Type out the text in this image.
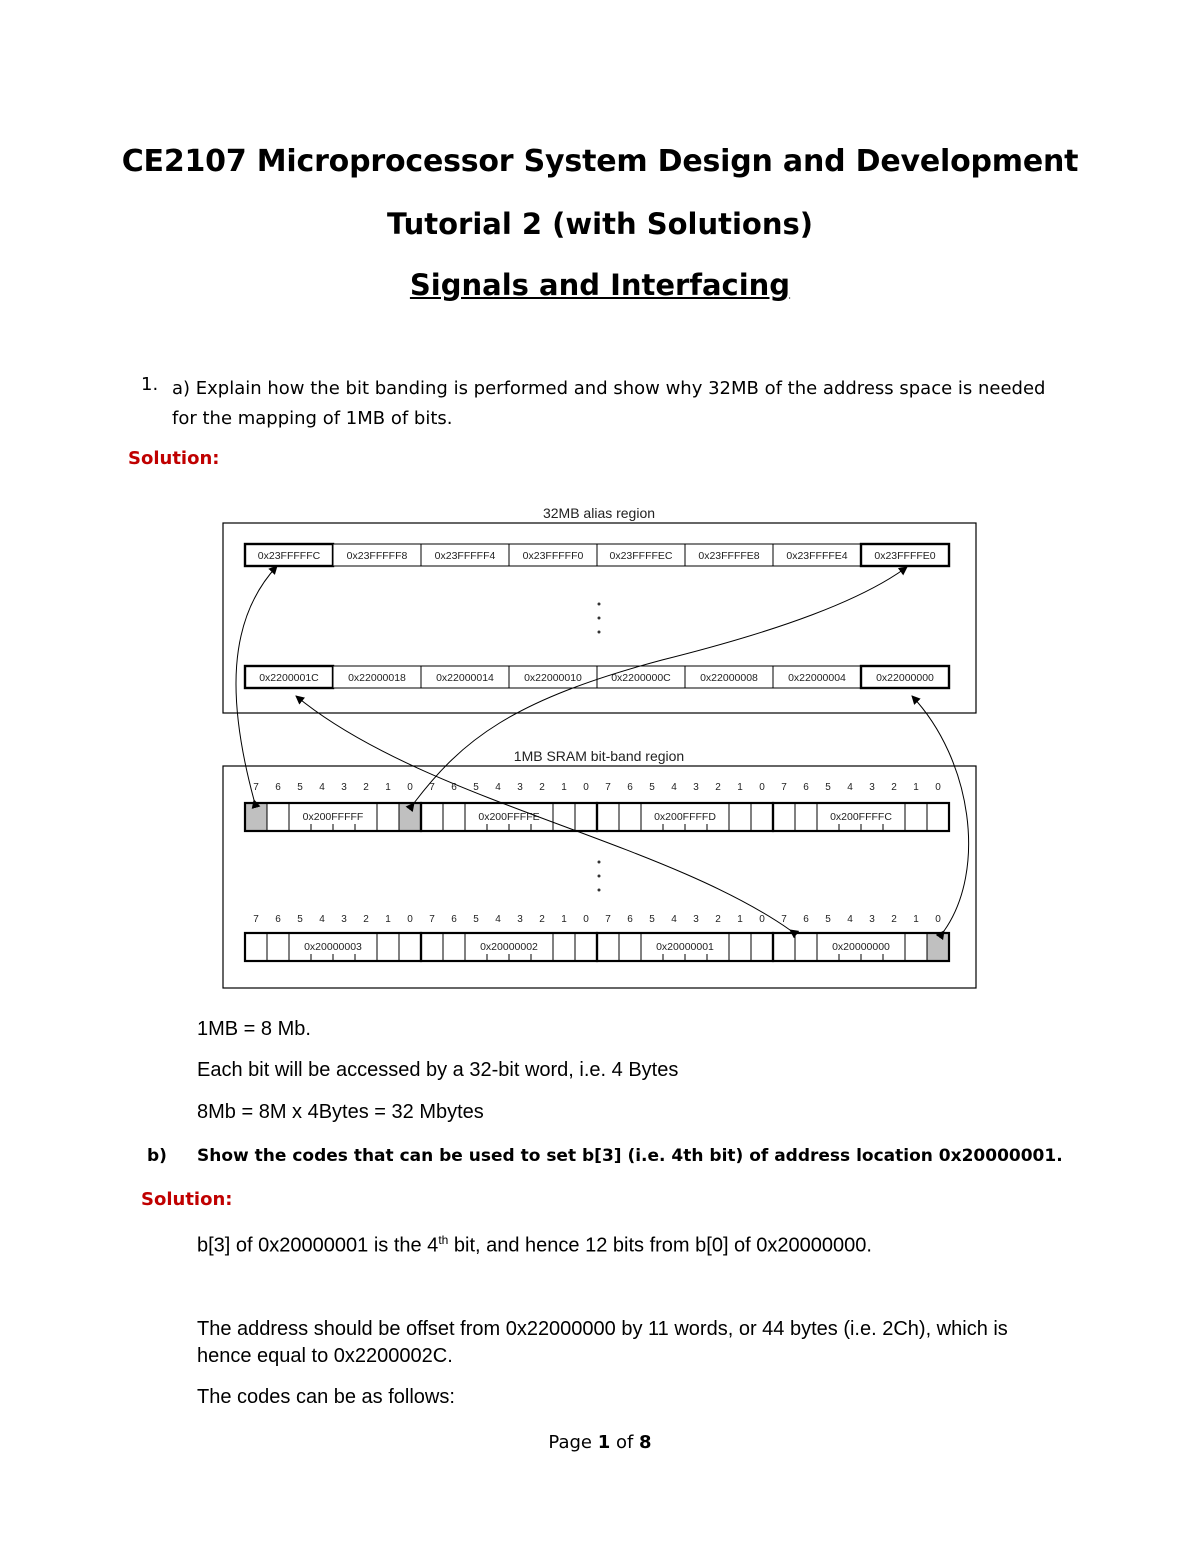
CE2107 Microprocessor System Design and Development
Tutorial 2 (with Solutions)
Signals and Interfacing
1. a) Explain how the bit banding is performed and show why 32MB of the address space is needed for the mapping of 1MB of bits.
Solution:
32MB alias region
0x23FFFFFC	0x23FFFFF8	0x23FFFFF4	0x23FFFFF0 0x23FFFFEC 0x23FFFFE8	0x23FFFFE4	0x23FFFFE0
0x2200001C	0x22000018	0x22000014	0x22000010	0x2200000C	0x22000008	0x22000004	0x22000000
1MB SRAM bit-band region
7 6 5 4 3 2 1 0 7 6 5 4 3 2 1 0 7 6 5 4 3 2 1 0 7 6 5 4 3 2 1 0
0x200FFFFF	0x200FFFFE	0x200FFFFD	0x200FFFFC
7 6 5 4 3 2 1 0 7 6 5 4 3 2 1 0 7 6 5 4 3 2 1 0 7 6 5 4 3 2 1 0
0x20000003	0x20000002	0x20000001	0x20000000
1MB = 8 Mb.
Each bit will be accessed by a 32-bit word, i.e. 4 Bytes
8Mb = 8M x 4Bytes = 32 Mbytes
b) Show the codes that can be used to set b[3] (i.e. 4th bit) of address location 0x20000001.
Solution:
b[3] of 0x20000001 is the 4th bit, and hence 12 bits from b[0] of 0x20000000.
The address should be offset from 0x22000000 by 11 words, or 44 bytes (i.e. 2Ch), which is hence equal to 0x2200002C.
The codes can be as follows:
Page 1 of 8
